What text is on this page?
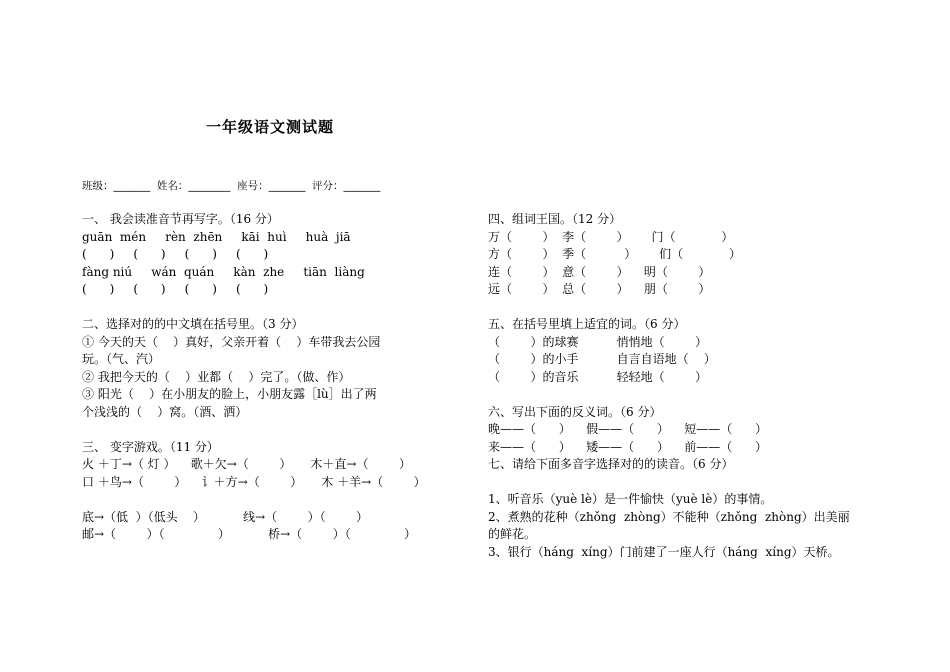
一年级语文测试题
班级：_______  姓名：________  座号：_______  评分：_______
一、 我会读准音节再写字。（16 分）
guān  mén     rèn  zhēn     kāi  huì     huà  jiā
(      )     (      )     (      )     (      )
fàng niú     wán  quán     kàn  zhe     tiān  liàng
(      )     (      )     (      )     (      )
二、选择对的的中文填在括号里。（3 分）
① 今天的天（    ）真好，父亲开着（    ）车带我去公园
玩。（气、汽）
② 我把今天的（    ）业都（    ）完了。（做、作）
③ 阳光（    ）在小朋友的脸上，小朋友露［lù］出了两
个浅浅的（    ）窝。（酒、洒）
三、 变字游戏。（11 分）
火 ＋丁→（ 灯 ）    歌＋欠→（        ）     木＋直→（        ）
口 ＋鸟→（        ）    讠＋方→（        ）     木 ＋羊→（        ）
底→（低  ）（低头    ）          线→（        ）（        ）
邮→（        ）（              ）          桥→（        ）（              ）
四、组词王国。（12 分）
万（        ）  李（        ）      门（            ）
方（        ）  季（          ）      们（            ）
连（        ）  意（        ）    明（        ）
远（        ）  总（        ）    朋（        ）
五、在括号里填上适宜的词。（6 分）
（        ）的球赛          悄悄地（        ）
（        ）的小手          自言自语地（    ）
（        ）的音乐          轻轻地（        ）
六、写出下面的反义词。（6 分）
晚——（      ）    假——（      ）    短——（      ）
来——（      ）    矮——（      ）    前——（      ）
七、请给下面多音字选择对的的读音。（6 分）
1、听音乐（yuè lè）是一件愉快（yuè lè）的事情。
2、煮熟的花种（zhǒng  zhòng）不能种（zhǒng  zhòng）出美丽
的鲜花。
3、银行（háng  xíng）门前建了一座人行（háng  xíng）天桥。
